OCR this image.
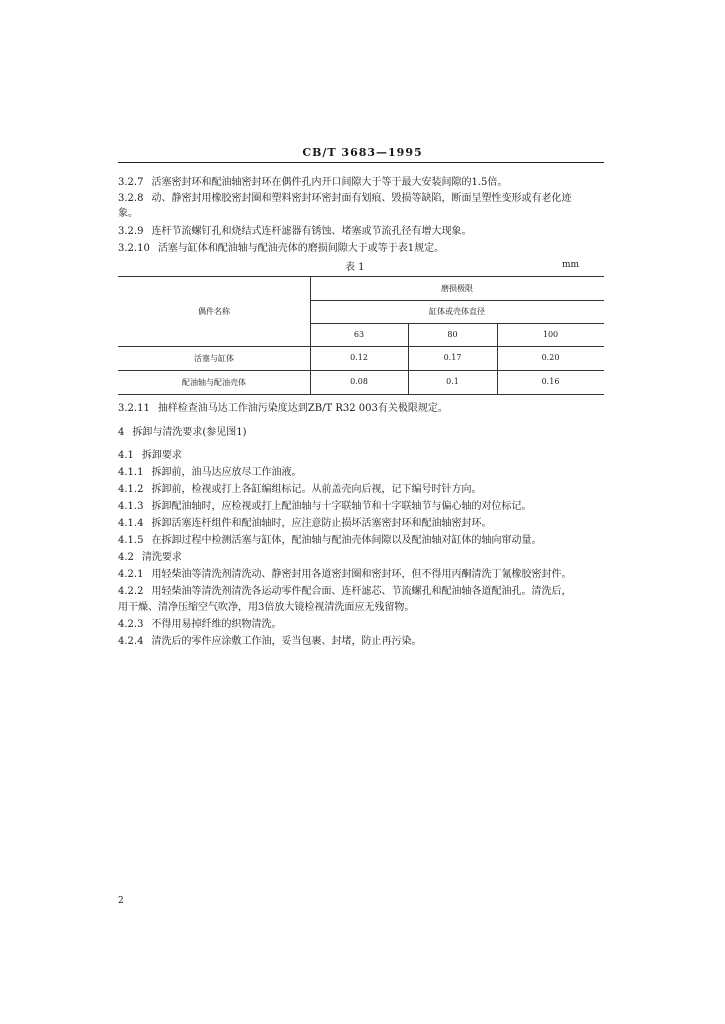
CB/T 3683—1995
3.2.7 活塞密封环和配油轴密封环在偶件孔内开口间隙大于等于最大安装间隙的1.5倍。
3.2.8 动、静密封用橡胶密封圈和塑料密封环密封面有划痕、毁损等缺陷，断面呈塑性变形或有老化迹
象。
3.2.9 连杆节流螺钉孔和烧结式连杆滤器有锈蚀、堵塞或节流孔径有增大现象。
3.2.10 活塞与缸体和配油轴与配油壳体的磨损间隙大于或等于表1规定。
表 1	mm
偶件名称
磨损极限
缸体或壳体直径
63	80	100
活塞与缸体	0.12	0.17	0.20
配油轴与配油壳体	0.08	0.1	0.16
3.2.11 抽样检查油马达工作油污染度达到ZB/T R32 003有关极限规定。
4 拆卸与清洗要求(参见图1)
4.1 拆卸要求
4.1.1 拆卸前，油马达应放尽工作油液。
4.1.2 拆卸前，检视或打上各缸编组标记。从前盖壳向后视，记下编号时针方向。
4.1.3 拆卸配油轴时，应检视或打上配油轴与十字联轴节和十字联轴节与偏心轴的对位标记。
4.1.4 拆卸活塞连杆组件和配油轴时，应注意防止损坏活塞密封环和配油轴密封环。
4.1.5 在拆卸过程中检测活塞与缸体，配油轴与配油壳体间隙以及配油轴对缸体的轴向窜动量。
4.2 清洗要求
4.2.1 用轻柴油等清洗剂清洗动、静密封用各道密封圈和密封环，但不得用丙酮清洗丁氰橡胶密封件。
4.2.2 用轻柴油等清洗剂清洗各运动零件配合面、连杆滤芯、节流螺孔和配油轴各道配油孔。清洗后，
用干燥、清净压缩空气吹净，用3倍放大镜检视清洗面应无残留物。
4.2.3 不得用易掉纤维的织物清洗。
4.2.4 清洗后的零件应涂敷工作油，妥当包裹、封堵，防止再污染。
2
